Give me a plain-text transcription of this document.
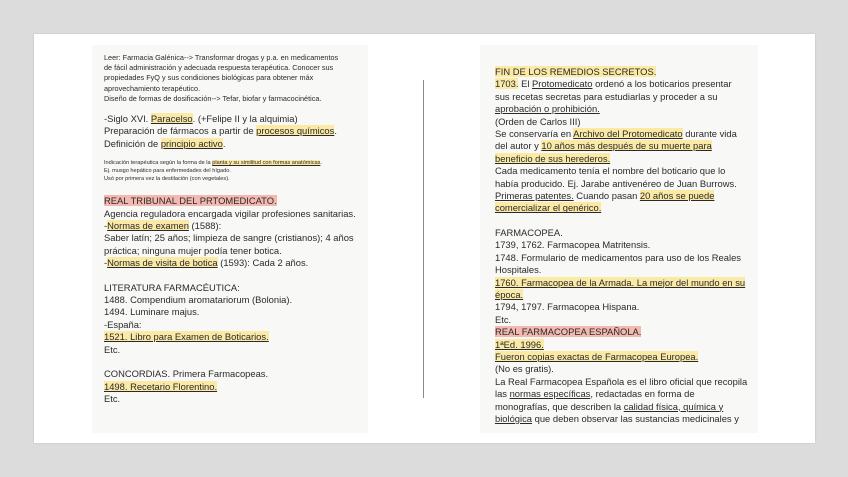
Leer: Farmacia Galénica--> Transformar drogas y p.a. en medicamentos
de fácil administración y adecuada respuesta terapéutica. Conocer sus
propiedades FyQ y sus condiciones biológicas para obtener máx
aprovechamiento terapéutico.
Diseño de formas de dosificación--> Tefar, biofar y farmacocinética.
-Siglo XVI. Paracelso. (+Felipe II y la alquimia)
Preparación de fármacos a partir de procesos químicos.
Definición de principio activo.
Indicación terapéutica según la forma de la planta y su similitud con formas anatómicas.
Ej. musgo hepático para enfermedades del hígado.
Usó por primera vez la destilación (con vegetales).
REAL TRIBUNAL DEL PRTOMEDICATO.
Agencia reguladora encargada vigilar profesiones sanitarias.
-Normas de examen (1588):
Saber latín; 25 años; limpieza de sangre (cristianos); 4 años
práctica; ninguna mujer podía tener botica.
-Normas de visita de botica (1593): Cada 2 años.
LITERATURA FARMACÉUTICA:
1488. Compendium aromatariorum (Bolonia).
1494. Luminare majus.
-España:
1521. Libro para Examen de Boticarios.
Etc.
CONCORDIAS. Primera Farmacopeas.
1498. Recetario Florentino.
Etc.
FIN DE LOS REMEDIOS SECRETOS.
1703. El Protomedicato ordenó a los boticarios presentar
sus recetas secretas para estudiarlas y proceder a su
aprobación o prohibición.
(Orden de Carlos III)
Se conservaría en Archivo del Protomedicato durante vida
del autor y 10 años más después de su muerte para
beneficio de sus herederos.
Cada medicamento tenía el nombre del boticario que lo
había producido. Ej. Jarabe antivenéreo de Juan Burrows.
Primeras patentes. Cuando pasan 20 años se puede
comercializar el genérico.
FARMACOPEA.
1739, 1762. Farmacopea Matritensis.
1748. Formulario de medicamentos para uso de los Reales
Hospitales.
1760. Farmacopea de la Armada. La mejor del mundo en su
época.
1794, 1797. Farmacopea Hispana.
Etc.
REAL FARMACOPEA ESPAÑOLA.
1ªEd. 1996.
Fueron copias exactas de Farmacopea Europea.
(No es gratis).
La Real Farmacopea Española es el libro oficial que recopila
las normas específicas, redactadas en forma de
monografías, que describen la calidad física, química y
biológica que deben observar las sustancias medicinales y
